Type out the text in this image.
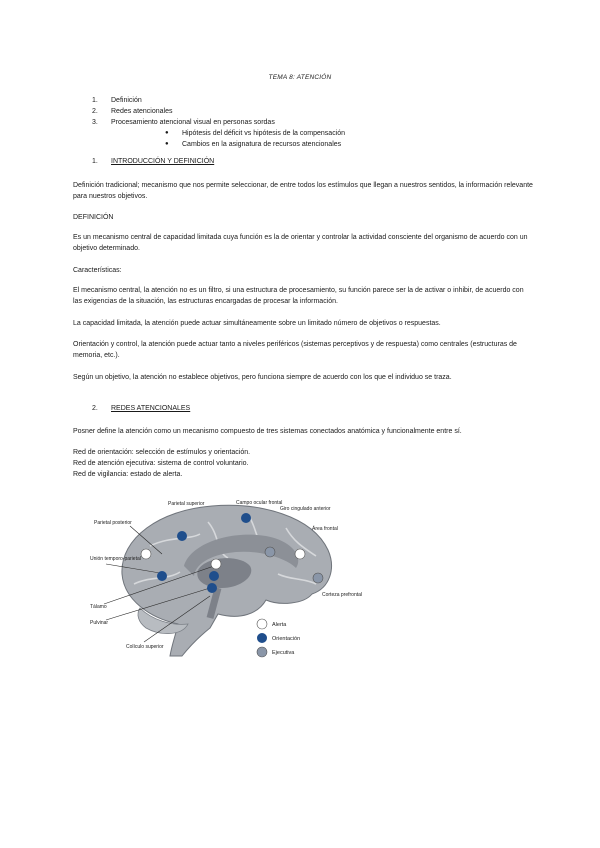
TEMA 8: ATENCIÓN
1.	Definición
2.	Redes atencionales
3.	Procesamiento atencional visual en personas sordas
●	Hipótesis del déficit vs hipótesis de la compensación
●	Cambios en la asignatura de recursos atencionales
1.	INTRODUCCIÓN Y DEFINICIÓN
Definición tradicional; mecanismo que nos permite seleccionar, de entre todos los estímulos que llegan a nuestros sentidos, la información relevante para nuestros objetivos.
DEFINICIÓN
Es un mecanismo central de capacidad limitada cuya función es la de orientar y controlar la actividad consciente del organismo de acuerdo con un objetivo determinado.
Características:
El mecanismo central, la atención no es un filtro, si una estructura de procesamiento, su función parece ser la de activar o inhibir, de acuerdo con las exigencias de la situación, las estructuras encargadas de procesar la información.
La capacidad limitada, la atención puede actuar simultáneamente sobre un limitado número de objetivos o respuestas.
Orientación y control, la atención puede actuar tanto a niveles periféricos (sistemas perceptivos y de respuesta) como centrales (estructuras de memoria, etc.).
Según un objetivo, la atención no establece objetivos, pero funciona siempre de acuerdo con los que el individuo se traza.
2.	REDES ATENCIONALES
Posner define la atención como un mecanismo compuesto de tres sistemas conectados anatómica y funcionalmente entre sí.
Red de orientación: selección de estímulos y orientación.
Red de atención ejecutiva: sistema de control voluntario.
Red de vigilancia: estado de alerta.
Parietal superior
Parietal posterior
Campo ocular frontal
Giro cingulado anterior
Área frontal
Unión temporo-parietal
Corteza prefrontal
Tálamo
Pulvinar
Colículo superior
Alerta
Orientación
Ejecutiva
